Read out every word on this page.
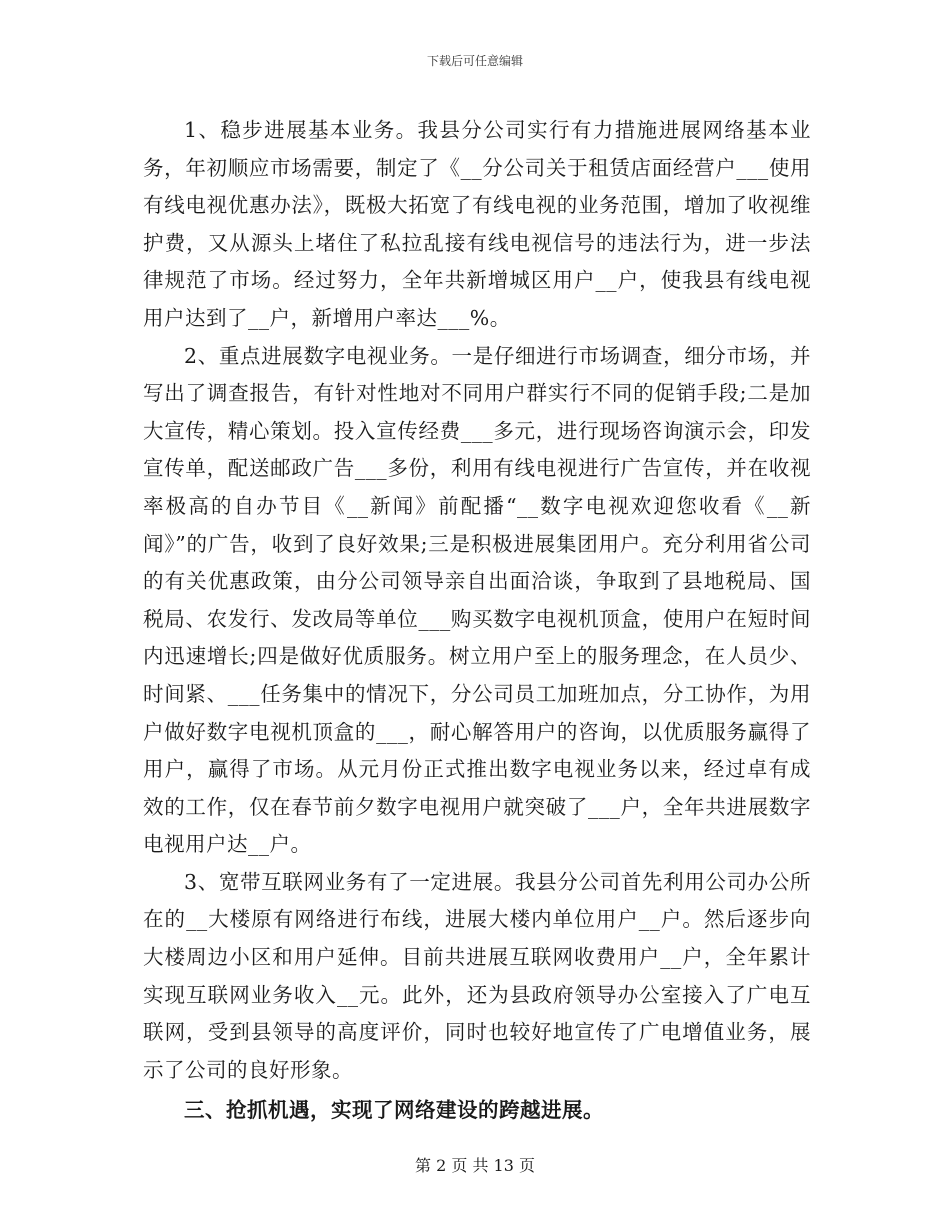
下载后可任意编辑

1、稳步进展基本业务。我县分公司实行有力措施进展网络基本业务，年初顺应市场需要，制定了《__分公司关于租赁店面经营户___使用有线电视优惠办法》，既极大拓宽了有线电视的业务范围，增加了收视维护费，又从源头上堵住了私拉乱接有线电视信号的违法行为，进一步法律规范了市场。经过努力，全年共新增城区用户__户，使我县有线电视用户达到了__户，新增用户率达___%。

2、重点进展数字电视业务。一是仔细进行市场调查，细分市场，并写出了调查报告，有针对性地对不同用户群实行不同的促销手段;二是加大宣传，精心策划。投入宣传经费___多元，进行现场咨询演示会，印发宣传单，配送邮政广告___多份，利用有线电视进行广告宣传，并在收视率极高的自办节目《__新闻》前配播“__数字电视欢迎您收看《__新闻》”的广告，收到了良好效果;三是积极进展集团用户。充分利用省公司的有关优惠政策，由分公司领导亲自出面洽谈，争取到了县地税局、国税局、农发行、发改局等单位___购买数字电视机顶盒，使用户在短时间内迅速增长;四是做好优质服务。树立用户至上的服务理念，在人员少、时间紧、___任务集中的情况下，分公司员工加班加点，分工协作，为用户做好数字电视机顶盒的___，耐心解答用户的咨询，以优质服务赢得了用户，赢得了市场。从元月份正式推出数字电视业务以来，经过卓有成效的工作，仅在春节前夕数字电视用户就突破了___户，全年共进展数字电视用户达__户。

3、宽带互联网业务有了一定进展。我县分公司首先利用公司办公所在的__大楼原有网络进行布线，进展大楼内单位用户__户。然后逐步向大楼周边小区和用户延伸。目前共进展互联网收费用户__户，全年累计实现互联网业务收入__元。此外，还为县政府领导办公室接入了广电互联网，受到县领导的高度评价，同时也较好地宣传了广电增值业务，展示了公司的良好形象。

三、抢抓机遇，实现了网络建设的跨越进展。

第 2 页 共 13 页
